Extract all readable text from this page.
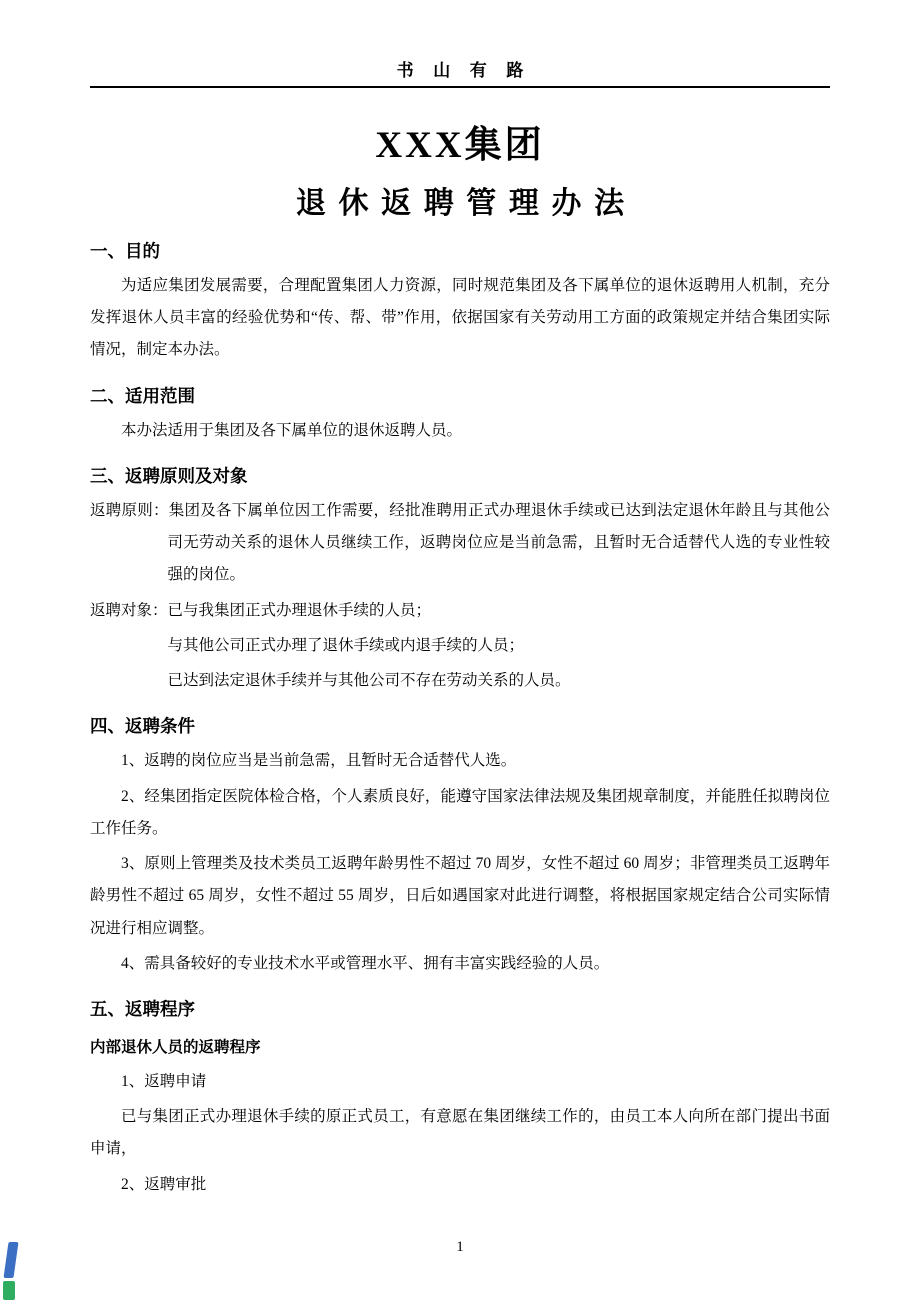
书山有路
XXX集团
退休返聘管理办法
一、目的

为适应集团发展需要，合理配置集团人力资源，同时规范集团及各下属单位的退休返聘用人机制，充分发挥退休人员丰富的经验优势和“传、帮、带”作用，依据国家有关劳动用工方面的政策规定并结合集团实际情况，制定本办法。

二、适用范围

本办法适用于集团及各下属单位的退休返聘人员。

三、返聘原则及对象

返聘原则：集团及各下属单位因工作需要，经批准聘用正式办理退休手续或已达到法定退休年龄且与其他公司无劳动关系的退休人员继续工作，返聘岗位应是当前急需，且暂时无合适替代人选的专业性较强的岗位。

返聘对象：已与我集团正式办理退休手续的人员；

与其他公司正式办理了退休手续或内退手续的人员；

已达到法定退休手续并与其他公司不存在劳动关系的人员。

四、返聘条件

1、返聘的岗位应当是当前急需，且暂时无合适替代人选。

2、经集团指定医院体检合格，个人素质良好，能遵守国家法律法规及集团规章制度，并能胜任拟聘岗位工作任务。

3、原则上管理类及技术类员工返聘年龄男性不超过 70 周岁，女性不超过 60 周岁；非管理类员工返聘年龄男性不超过 65 周岁，女性不超过 55 周岁，日后如遇国家对此进行调整，将根据国家规定结合公司实际情况进行相应调整。

4、需具备较好的专业技术水平或管理水平、拥有丰富实践经验的人员。

五、返聘程序

内部退休人员的返聘程序

1、返聘申请

已与集团正式办理退休手续的原正式员工，有意愿在集团继续工作的，由员工本人向所在部门提出书面申请，

2、返聘审批

1
